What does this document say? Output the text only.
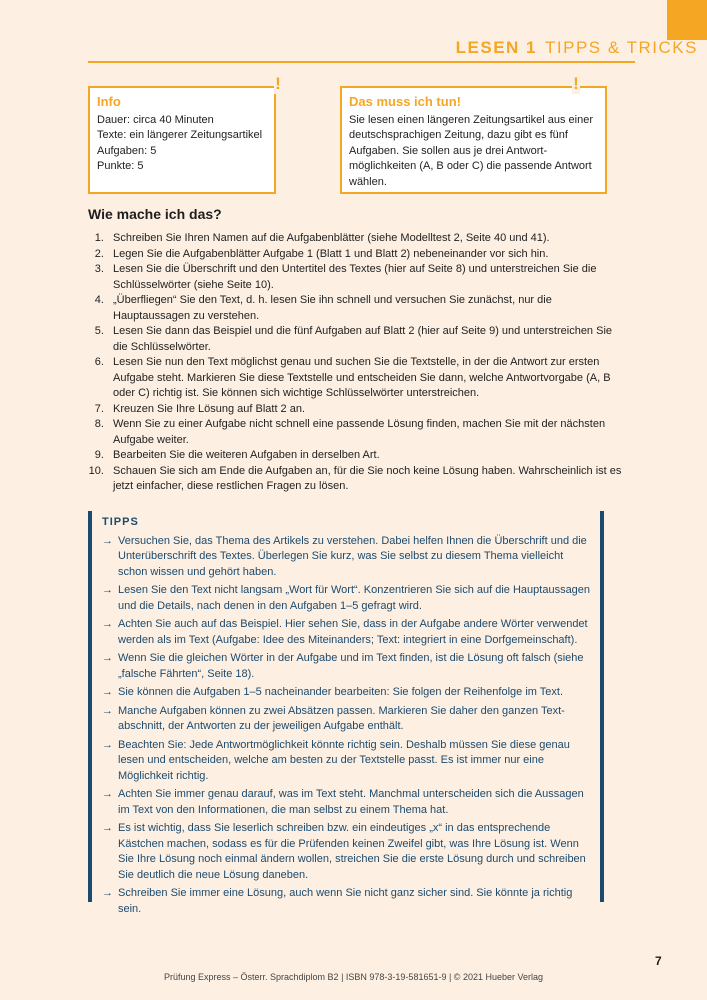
LESEN 1 TIPPS & TRICKS
!
Info
Dauer: circa 40 Minuten
Texte: ein längerer Zeitungsartikel
Aufgaben: 5
Punkte: 5
!
Das muss ich tun!
Sie lesen einen längeren Zeitungsartikel aus einer deutschsprachigen Zeitung, dazu gibt es fünf Aufgaben. Sie sollen aus je drei Antwortmöglichkeiten (A, B oder C) die passende Antwort wählen.
Wie mache ich das?
1. Schreiben Sie Ihren Namen auf die Aufgabenblätter (siehe Modelltest 2, Seite 40 und 41).
2. Legen Sie die Aufgabenblätter Aufgabe 1 (Blatt 1 und Blatt 2) nebeneinander vor sich hin.
3. Lesen Sie die Überschrift und den Untertitel des Textes (hier auf Seite 8) und unterstreichen Sie die Schlüsselwörter (siehe Seite 10).
4. „Überfliegen“ Sie den Text, d. h. lesen Sie ihn schnell und versuchen Sie zunächst, nur die Hauptaussagen zu verstehen.
5. Lesen Sie dann das Beispiel und die fünf Aufgaben auf Blatt 2 (hier auf Seite 9) und unterstreichen Sie die Schlüsselwörter.
6. Lesen Sie nun den Text möglichst genau und suchen Sie die Textstelle, in der die Antwort zur ersten Aufgabe steht. Markieren Sie diese Textstelle und entscheiden Sie dann, welche Antwortvorgabe (A, B oder C) richtig ist. Sie können sich wichtige Schlüsselwörter unterstreichen.
7. Kreuzen Sie Ihre Lösung auf Blatt 2 an.
8. Wenn Sie zu einer Aufgabe nicht schnell eine passende Lösung finden, machen Sie mit der nächsten Aufgabe weiter.
9. Bearbeiten Sie die weiteren Aufgaben in derselben Art.
10. Schauen Sie sich am Ende die Aufgaben an, für die Sie noch keine Lösung haben. Wahrscheinlich ist es jetzt einfacher, diese restlichen Fragen zu lösen.
TIPPS
→ Versuchen Sie, das Thema des Artikels zu verstehen. Dabei helfen Ihnen die Überschrift und die Unterüberschrift des Textes. Überlegen Sie kurz, was Sie selbst zu diesem Thema vielleicht schon wissen und gehört haben.
→ Lesen Sie den Text nicht langsam „Wort für Wort“. Konzentrieren Sie sich auf die Hauptaussagen und die Details, nach denen in den Aufgaben 1–5 gefragt wird.
→ Achten Sie auch auf das Beispiel. Hier sehen Sie, dass in der Aufgabe andere Wörter verwendet werden als im Text (Aufgabe: Idee des Miteinanders; Text: integriert in eine Dorfgemeinschaft).
→ Wenn Sie die gleichen Wörter in der Aufgabe und im Text finden, ist die Lösung oft falsch (siehe „falsche Fährten“, Seite 18).
→ Sie können die Aufgaben 1–5 nacheinander bearbeiten: Sie folgen der Reihenfolge im Text.
→ Manche Aufgaben können zu zwei Absätzen passen. Markieren Sie daher den ganzen Textabschnitt, der Antworten zu der jeweiligen Aufgabe enthält.
→ Beachten Sie: Jede Antwortmöglichkeit könnte richtig sein. Deshalb müssen Sie diese genau lesen und entscheiden, welche am besten zu der Textstelle passt. Es ist immer nur eine Möglichkeit richtig.
→ Achten Sie immer genau darauf, was im Text steht. Manchmal unterscheiden sich die Aussagen im Text von den Informationen, die man selbst zu einem Thema hat.
→ Es ist wichtig, dass Sie leserlich schreiben bzw. ein eindeutiges „x“ in das entsprechende Kästchen machen, sodass es für die Prüfenden keinen Zweifel gibt, was Ihre Lösung ist. Wenn Sie Ihre Lösung noch einmal ändern wollen, streichen Sie die erste Lösung durch und schreiben Sie deutlich die neue Lösung daneben.
→ Schreiben Sie immer eine Lösung, auch wenn Sie nicht ganz sicher sind. Sie könnte ja richtig sein.
7
Prüfung Express – Österr. Sprachdiplom B2 | ISBN 978-3-19-581651-9 | © 2021 Hueber Verlag
